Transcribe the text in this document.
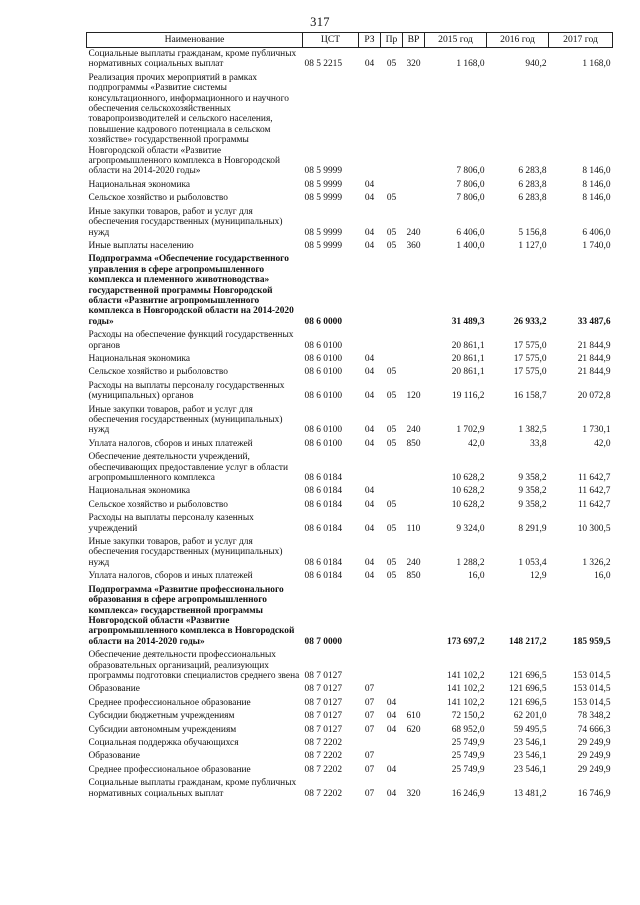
317
Наименование	ЦСТ	РЗ	Пр	ВР	2015 год	2016 год	2017 год
Социальные выплаты гражданам, кроме публичных нормативных социальных выплат	08 5 2215	04	05	320	1 168,0	940,2	1 168,0
Реализация прочих мероприятий в рамках подпрограммы «Развитие системы консультационного, информационного и научного обеспечения сельскохозяйственных товаропроизводителей и сельского населения, повышение кадрового потенциала в сельском хозяйстве» государственной программы Новгородской области «Развитие агропромышленного комплекса в Новгородской области на 2014-2020 годы»	08 5 9999				7 806,0	6 283,8	8 146,0
Национальная экономика	08 5 9999	04			7 806,0	6 283,8	8 146,0
Сельское хозяйство и рыболовство	08 5 9999	04	05		7 806,0	6 283,8	8 146,0
Иные закупки товаров, работ и услуг для обеспечения государственных (муниципальных) нужд	08 5 9999	04	05	240	6 406,0	5 156,8	6 406,0
Иные выплаты населению	08 5 9999	04	05	360	1 400,0	1 127,0	1 740,0
Подпрограмма «Обеспечение государственного управления в сфере агропромышленного комплекса и племенного животноводства» государственной программы Новгородской области «Развитие агропромышленного комплекса в Новгородской области на 2014-2020 годы»	08 6 0000				31 489,3	26 933,2	33 487,6
Расходы на обеспечение функций государственных органов	08 6 0100				20 861,1	17 575,0	21 844,9
Национальная экономика	08 6 0100	04			20 861,1	17 575,0	21 844,9
Сельское хозяйство и рыболовство	08 6 0100	04	05		20 861,1	17 575,0	21 844,9
Расходы на выплаты персоналу государственных (муниципальных) органов	08 6 0100	04	05	120	19 116,2	16 158,7	20 072,8
Иные закупки товаров, работ и услуг для обеспечения государственных (муниципальных) нужд	08 6 0100	04	05	240	1 702,9	1 382,5	1 730,1
Уплата налогов, сборов и иных платежей	08 6 0100	04	05	850	42,0	33,8	42,0
Обеспечение деятельности учреждений, обеспечивающих предоставление услуг в области агропромышленного комплекса	08 6 0184				10 628,2	9 358,2	11 642,7
Национальная экономика	08 6 0184	04			10 628,2	9 358,2	11 642,7
Сельское хозяйство и рыболовство	08 6 0184	04	05		10 628,2	9 358,2	11 642,7
Расходы на выплаты персоналу казенных учреждений	08 6 0184	04	05	110	9 324,0	8 291,9	10 300,5
Иные закупки товаров, работ и услуг для обеспечения государственных (муниципальных) нужд	08 6 0184	04	05	240	1 288,2	1 053,4	1 326,2
Уплата налогов, сборов и иных платежей	08 6 0184	04	05	850	16,0	12,9	16,0
Подпрограмма «Развитие профессионального образования в сфере агропромышленного комплекса» государственной программы Новгородской области «Развитие агропромышленного комплекса в Новгородской области на 2014-2020 годы»	08 7 0000				173 697,2	148 217,2	185 959,5
Обеспечение деятельности профессиональных образовательных организаций, реализующих программы подготовки специалистов среднего звена	08 7 0127				141 102,2	121 696,5	153 014,5
Образование	08 7 0127	07			141 102,2	121 696,5	153 014,5
Среднее профессиональное образование	08 7 0127	07	04		141 102,2	121 696,5	153 014,5
Субсидии бюджетным учреждениям	08 7 0127	07	04	610	72 150,2	62 201,0	78 348,2
Субсидии автономным учреждениям	08 7 0127	07	04	620	68 952,0	59 495,5	74 666,3
Социальная поддержка обучающихся	08 7 2202				25 749,9	23 546,1	29 249,9
Образование	08 7 2202	07			25 749,9	23 546,1	29 249,9
Среднее профессиональное образование	08 7 2202	07	04		25 749,9	23 546,1	29 249,9
Социальные выплаты гражданам, кроме публичных нормативных социальных выплат	08 7 2202	07	04	320	16 246,9	13 481,2	16 746,9
